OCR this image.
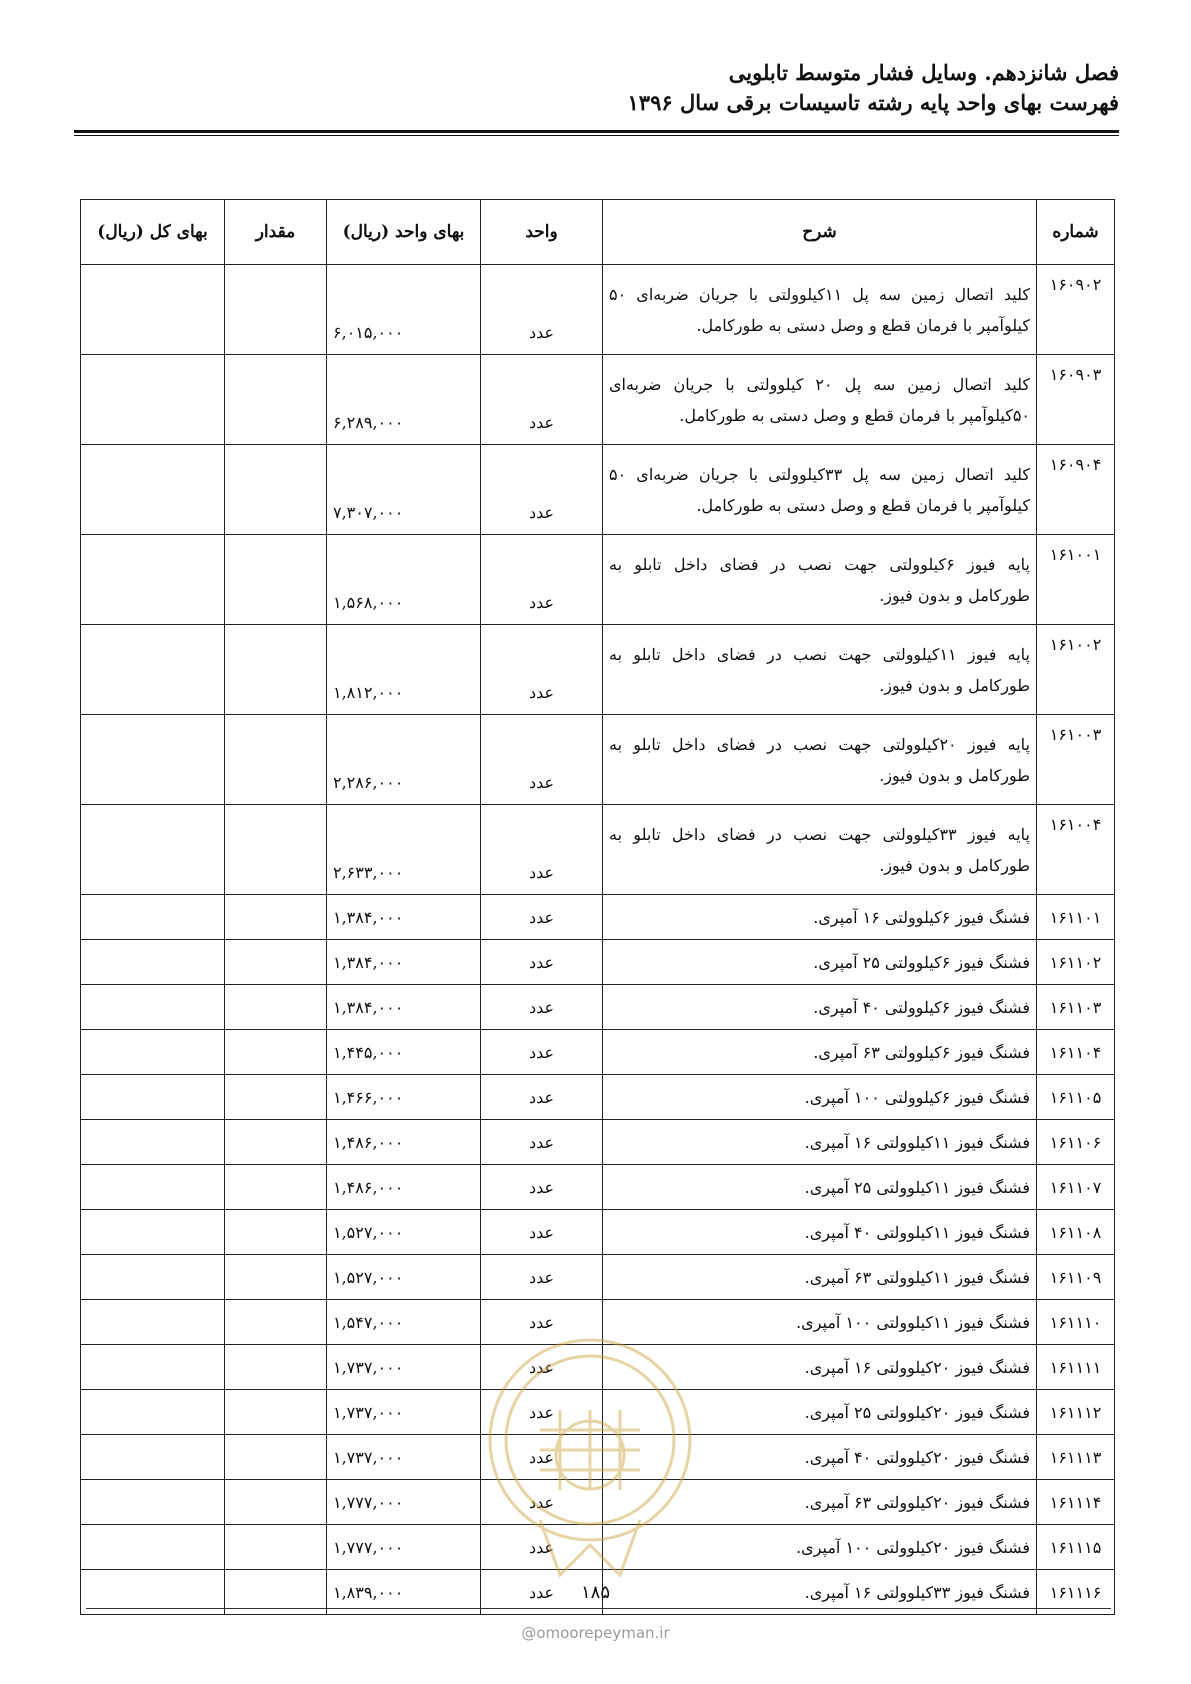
فصل شانزدهم. وسایل فشار متوسط تابلویی
فهرست بهای واحد پایه رشته تاسیسات برقی سال ۱۳۹۶
شماره	شرح	واحد	بهای واحد (ریال)	مقدار	بهای کل (ریال)
۱۶۰۹۰۲	کلید اتصال زمین سه پل ۱۱کیلوولتی با جریان ضربه‌ای ۵۰ کیلوآمپر با فرمان قطع و وصل دستی به طورکامل.	عدد	۶,۰۱۵,۰۰۰		
۱۶۰۹۰۳	کلید اتصال زمین سه پل ۲۰ کیلوولتی با جریان ضربه‌ای ۵۰کیلوآمپر با فرمان قطع و وصل دستی به طورکامل.	عدد	۶,۲۸۹,۰۰۰		
۱۶۰۹۰۴	کلید اتصال زمین سه پل ۳۳کیلوولتی با جریان ضربه‌ای ۵۰ کیلوآمپر با فرمان قطع و وصل دستی به طورکامل.	عدد	۷,۳۰۷,۰۰۰		
۱۶۱۰۰۱	پایه فیوز ۶کیلوولتی جهت نصب در فضای داخل تابلو به طورکامل و بدون فیوز.	عدد	۱,۵۶۸,۰۰۰		
۱۶۱۰۰۲	پایه فیوز ۱۱کیلوولتی جهت نصب در فضای داخل تابلو به طورکامل و بدون فیوز.	عدد	۱,۸۱۲,۰۰۰		
۱۶۱۰۰۳	پایه فیوز ۲۰کیلوولتی جهت نصب در فضای داخل تابلو به طورکامل و بدون فیوز.	عدد	۲,۲۸۶,۰۰۰		
۱۶۱۰۰۴	پایه فیوز ۳۳کیلوولتی جهت نصب در فضای داخل تابلو به طورکامل و بدون فیوز.	عدد	۲,۶۳۳,۰۰۰		
۱۶۱۱۰۱	فشنگ فیوز ۶کیلوولتی ۱۶ آمپری.	عدد	۱,۳۸۴,۰۰۰		
۱۶۱۱۰۲	فشنگ فیوز ۶کیلوولتی ۲۵ آمپری.	عدد	۱,۳۸۴,۰۰۰		
۱۶۱۱۰۳	فشنگ فیوز ۶کیلوولتی ۴۰ آمپری.	عدد	۱,۳۸۴,۰۰۰		
۱۶۱۱۰۴	فشنگ فیوز ۶کیلوولتی ۶۳ آمپری.	عدد	۱,۴۴۵,۰۰۰		
۱۶۱۱۰۵	فشنگ فیوز ۶کیلوولتی ۱۰۰ آمپری.	عدد	۱,۴۶۶,۰۰۰		
۱۶۱۱۰۶	فشنگ فیوز ۱۱کیلوولتی ۱۶ آمپری.	عدد	۱,۴۸۶,۰۰۰		
۱۶۱۱۰۷	فشنگ فیوز ۱۱کیلوولتی ۲۵ آمپری.	عدد	۱,۴۸۶,۰۰۰		
۱۶۱۱۰۸	فشنگ فیوز ۱۱کیلوولتی ۴۰ آمپری.	عدد	۱,۵۲۷,۰۰۰		
۱۶۱۱۰۹	فشنگ فیوز ۱۱کیلوولتی ۶۳ آمپری.	عدد	۱,۵۲۷,۰۰۰		
۱۶۱۱۱۰	فشنگ فیوز ۱۱کیلوولتی ۱۰۰ آمپری.	عدد	۱,۵۴۷,۰۰۰		
۱۶۱۱۱۱	فشنگ فیوز ۲۰کیلوولتی ۱۶ آمپری.	عدد	۱,۷۳۷,۰۰۰		
۱۶۱۱۱۲	فشنگ فیوز ۲۰کیلوولتی ۲۵ آمپری.	عدد	۱,۷۳۷,۰۰۰		
۱۶۱۱۱۳	فشنگ فیوز ۲۰کیلوولتی ۴۰ آمپری.	عدد	۱,۷۳۷,۰۰۰		
۱۶۱۱۱۴	فشنگ فیوز ۲۰کیلوولتی ۶۳ آمپری.	عدد	۱,۷۷۷,۰۰۰		
۱۶۱۱۱۵	فشنگ فیوز ۲۰کیلوولتی ۱۰۰ آمپری.	عدد	۱,۷۷۷,۰۰۰		
۱۶۱۱۱۶	فشنگ فیوز ۳۳کیلوولتی ۱۶ آمپری.	عدد	۱,۸۳۹,۰۰۰			۱۸۵
@omoorepeyman.ir
